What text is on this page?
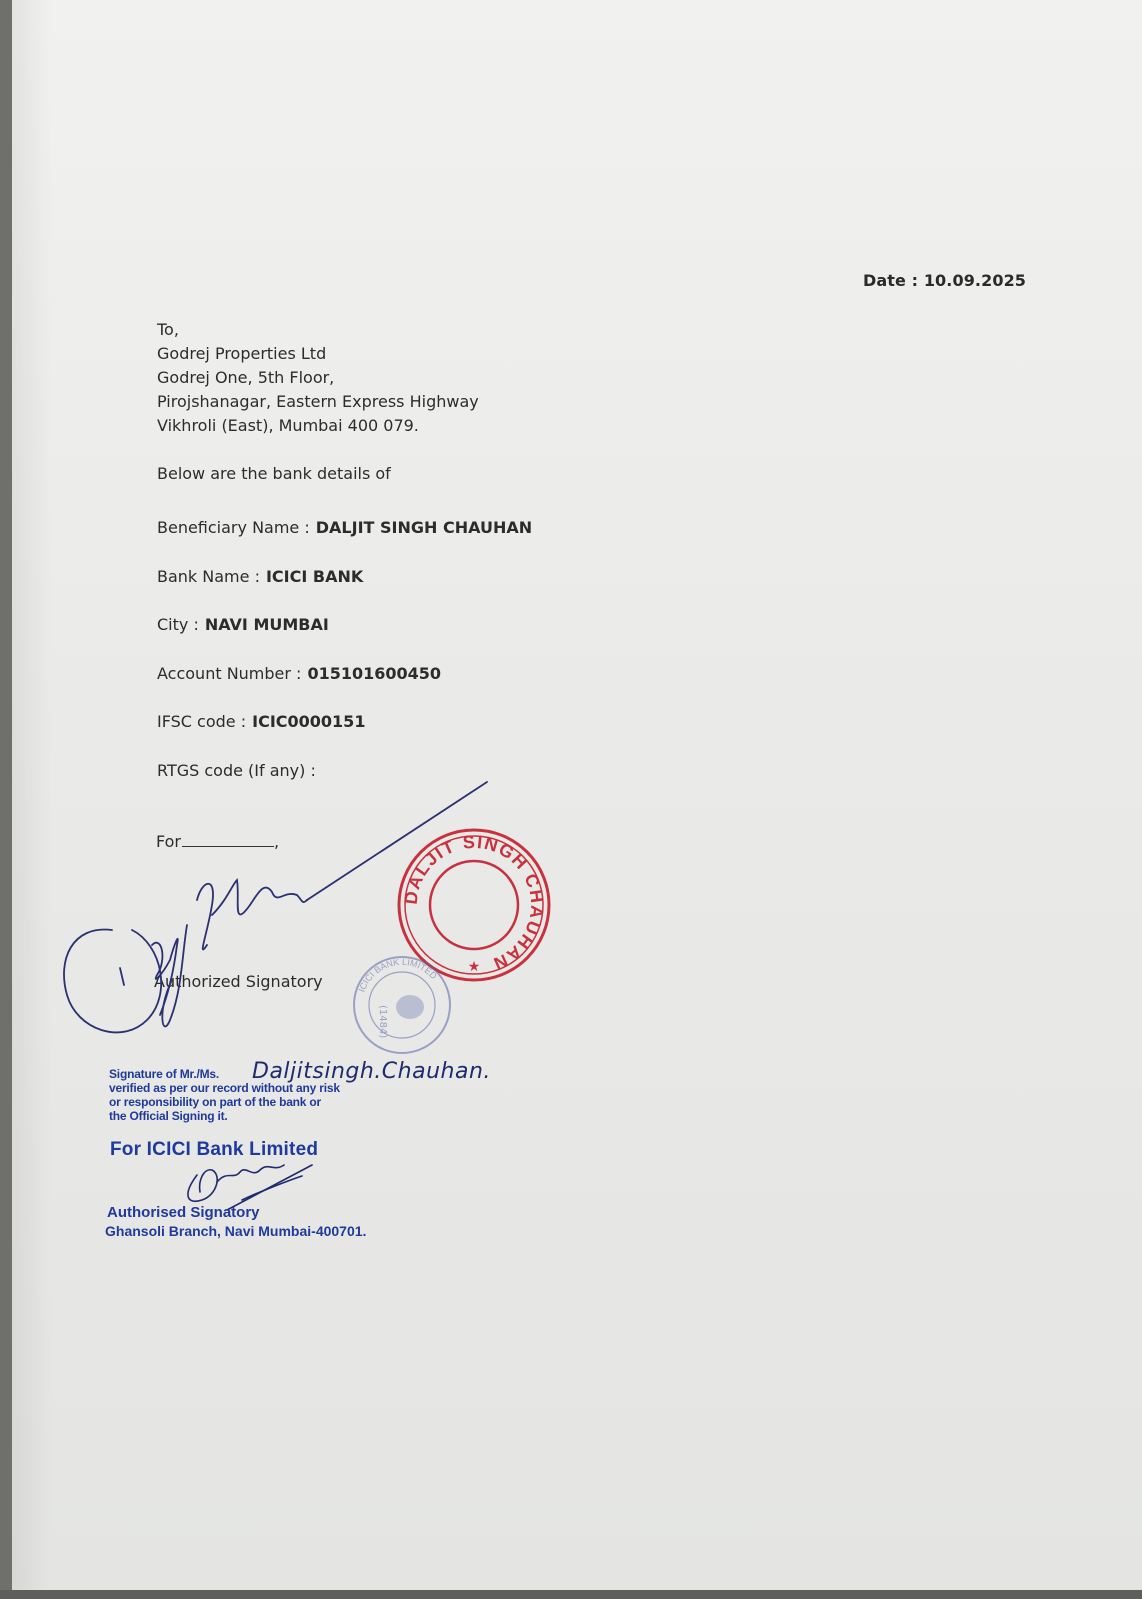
Date : 10.09.2025
To,
Godrej Properties Ltd
Godrej One, 5th Floor,
Pirojshanagar, Eastern Express Highway
Vikhroli (East), Mumbai 400 079.
Below are the bank details of
Beneficiary Name : DALJIT SINGH CHAUHAN
Bank Name : ICICI BANK
City : NAVI MUMBAI
Account Number : 015101600450
IFSC code : ICIC0000151
RTGS code (If any) :
For	,
Authorized Signatory
DALJIT SINGH CHAUHAN
★
ICICI BANK LIMITED
(1484)
Signature of Mr./Ms.
verified as per our record without any risk
or responsibility on part of the bank or
the Official Signing it.
Daljitsingh.Chauhan.
For ICICI Bank Limited
Authorised Signatory
Ghansoli Branch, Navi Mumbai-400701.
